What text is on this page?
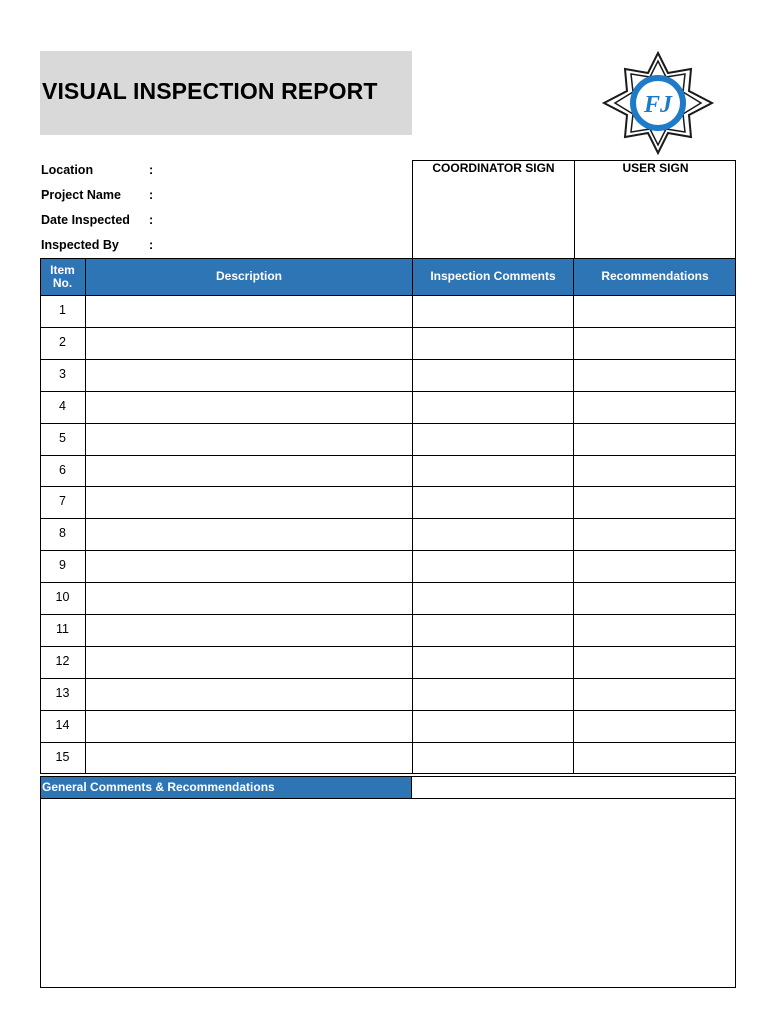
VISUAL INSPECTION REPORT
FJ
Location	:
Project Name :
Date Inspected :
Inspected By :
COORDINATOR SIGN	USER SIGN
Item
No.	Description	Inspection Comments	Recommendations
1
2
3
4
5
6
7
8
9
10
11
12
13
14
15
General Comments & Recommendations
